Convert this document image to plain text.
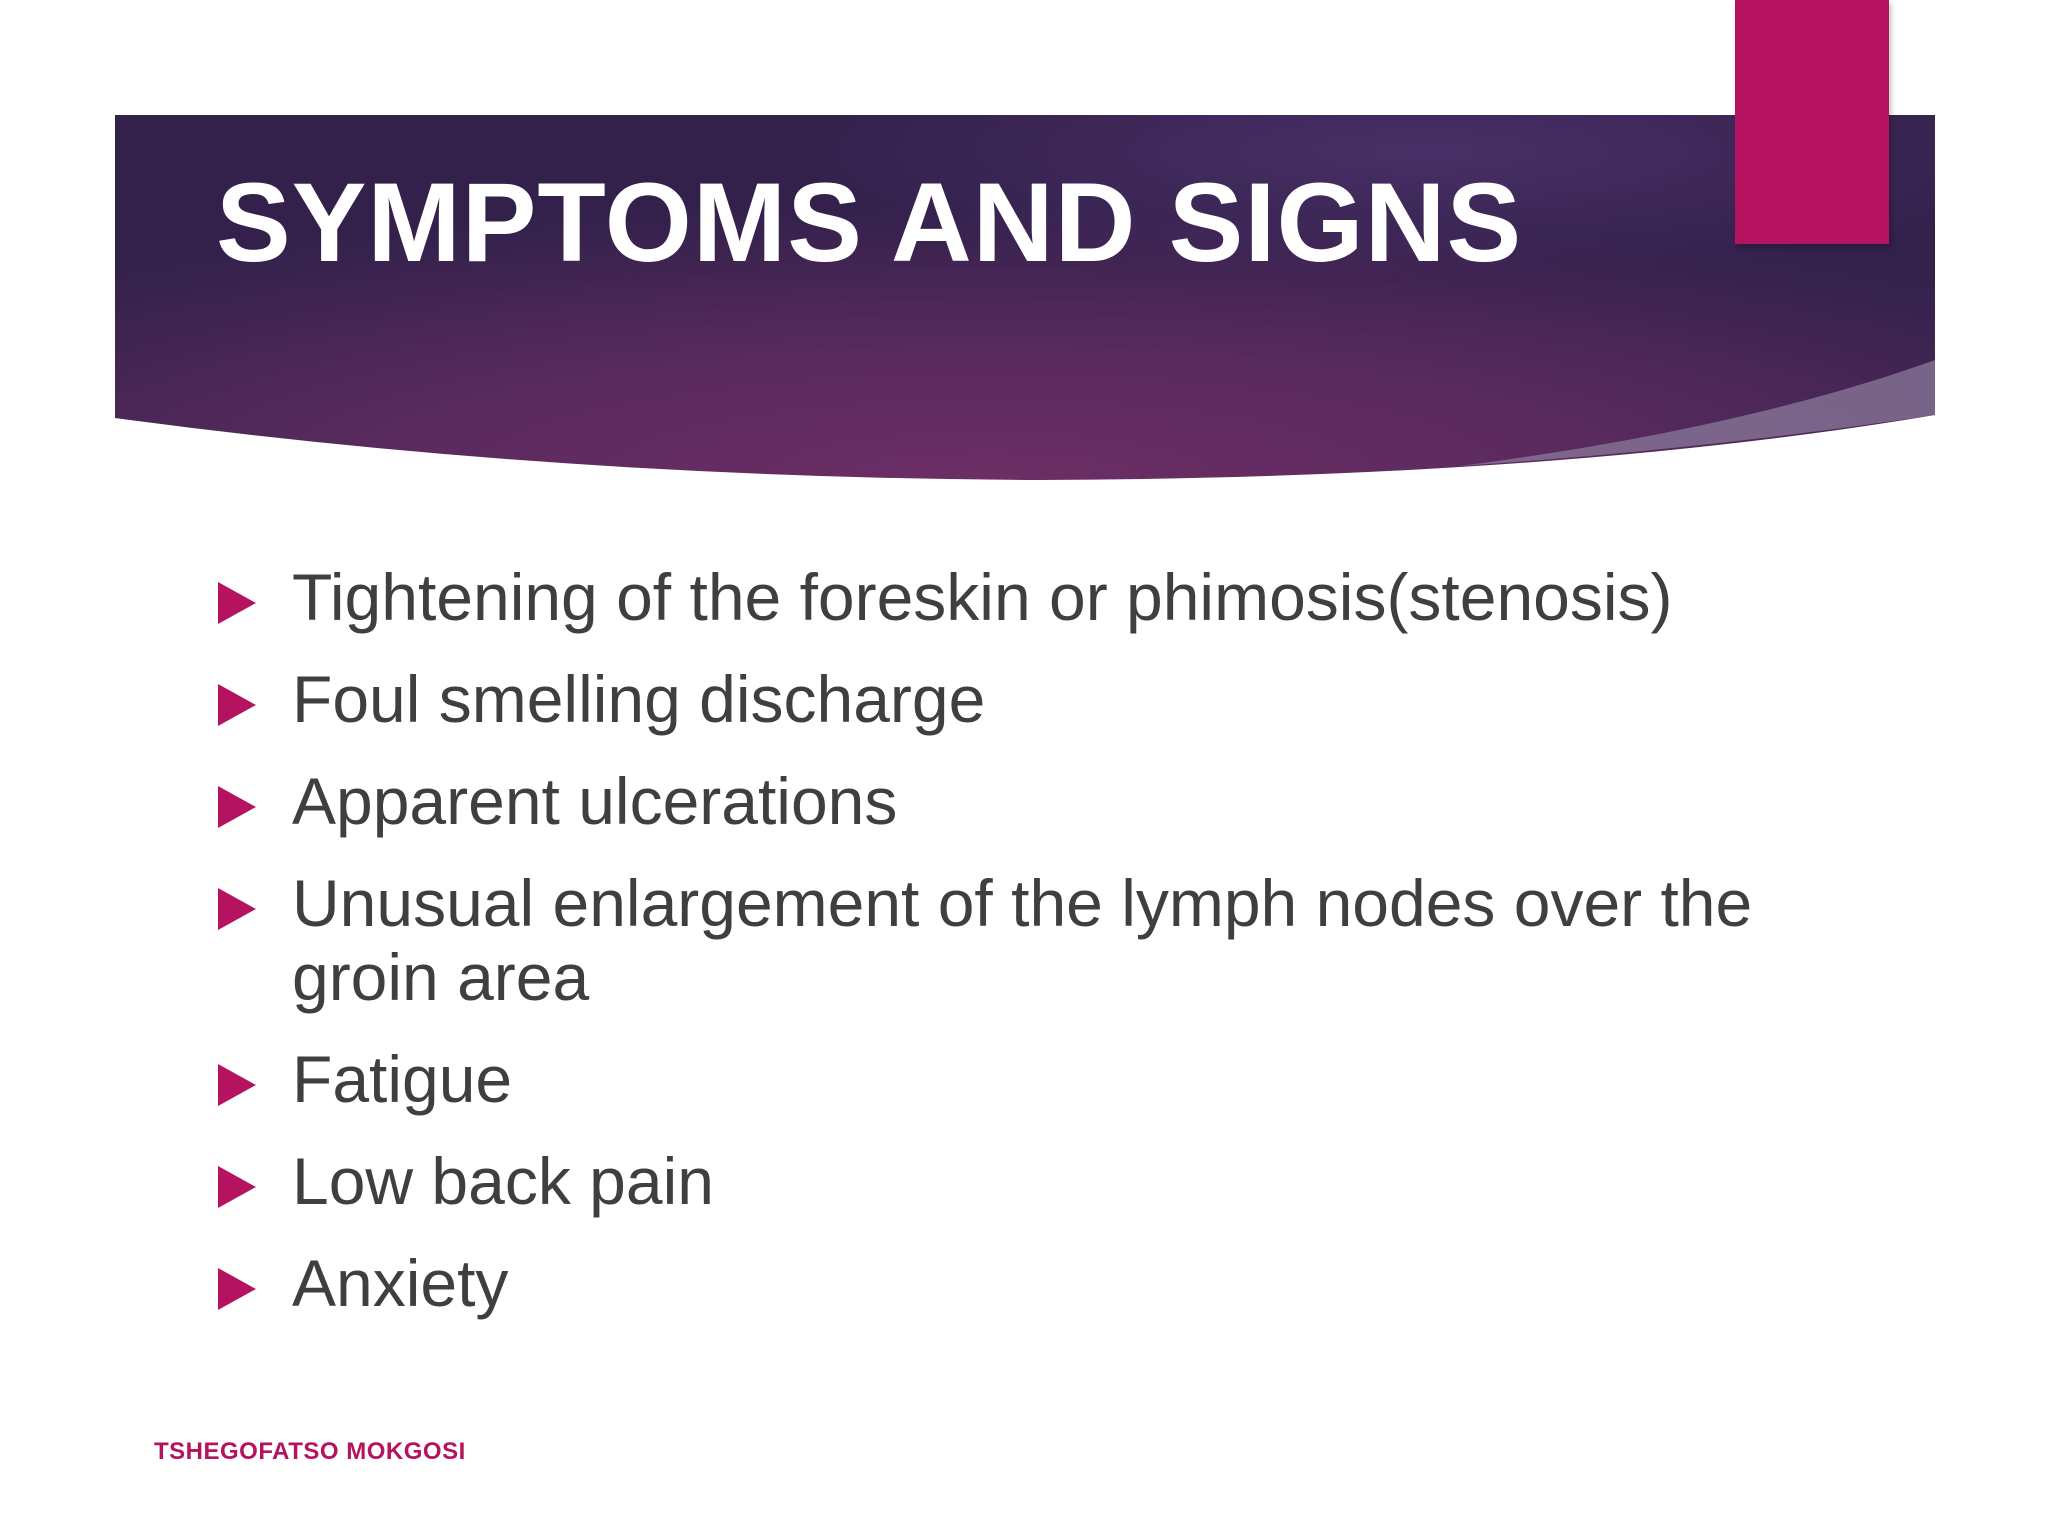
SYMPTOMS AND SIGNS
Tightening of the foreskin or phimosis(stenosis)
Foul smelling discharge
Apparent ulcerations
Unusual enlargement of the lymph nodes over the groin area
Fatigue
Low back pain
Anxiety
TSHEGOFATSO MOKGOSI
